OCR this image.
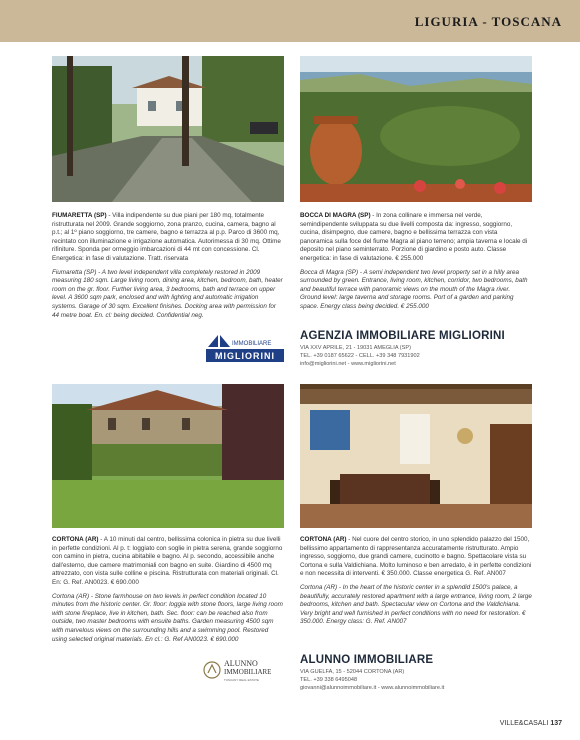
LIGURIA - TOSCANA
FIUMARETTA (SP) - Villa indipendente su due piani per 180 mq, totalmente ristrutturata nel 2009. Grande soggiorno, zona pranzo, cucina, camera, bagno al p.t.; al 1º piano soggiorno, tre camere, bagno e terrazza al p.p. Parco di 3600 mq, recintato con illuminazione e irrigazione automatica. Autorimessa di 30 mq. Ottime rifiniture. Sponda per ormeggio imbarcazioni di 44 mt con concessione. Cl. Energetica: in fase di valutazione. Tratt. riservata
Fiumaretta (SP) - A two level independent villa completely restored in 2009 measuring 180 sqm. Large living room, dining area, kitchen, bedroom, bath, heater room on the gr. floor. Further living area, 3 bedrooms, bath and terrace on upper level. A 3600 sqm park, enclosed and with lighting and automatic irrigation systems. Garage of 30 sqm. Excellent finishes. Docking area with permission for 44 metre boat. En. cl: being decided. Confidential neg.
BOCCA DI MAGRA (SP) - In zona collinare e immersa nel verde, semindipendente sviluppata su due livelli composta da: ingresso, soggiorno, cucina, disimpegno, due camere, bagno e bellissima terrazza con vista panoramica sulla foce del fiume Magra al piano terreno; ampia taverna e locale di deposito nel piano seminterrato. Porzione di giardino e posto auto. Classe energetica: in fase di valutazione. € 255.000
Bocca di Magra (SP) - A semi independent two level property set in a hilly area surrounded by green. Entrance, living room, kitchen, corridor, two bedrooms, bath and beautiful terrace with panoramic views on the mouth of the Magra river. Ground level: large taverna and storage rooms. Port of a garden and parking space. Energy class being decided. € 255.000
IMMOBILIARE
MIGLIORINI
AGENZIA IMMOBILIARE MIGLIORINI
VIA XXV APRILE, 21 - 19031 AMEGLIA (SP)
TEL. +39 0187 65622 - CELL. +39 348 7931902
info@migliorini.net - www.migliorini.net
CORTONA (AR) - A 10 minuti dal centro, bellissima colonica in pietra su due livelli in perfette condizioni. Al p. t: loggiato con soglie in pietra serena, grande soggiorno con camino in pietra, cucina abitabile e bagno. Al p. secondo, accessibile anche dall'esterno, due camere matrimoniali con bagno en suite. Giardino di 4500 mq attrezzato, con vista sulle colline e piscina. Ristrutturata con materiali originali. Cl. En: G. Ref. AN0023. € 690.000
Cortona (AR) - Stone farmhouse on two levels in perfect condition located 10 minutes from the historic center. Gr. floor: loggia with stone floors, large living room with stone fireplace, live in kitchen, bath. Sec. floor: can be reached also from outside, two master bedrooms with ensuite baths. Garden measuring 4500 sqm with marvelous views on the surrounding hills and a swimming pool. Restored using selected original materials. En cl.: G. Ref AN0023. € 690.000
CORTONA (AR) - Nel cuore del centro storico, in uno splendido palazzo del 1500, bellissimo appartamento di rappresentanza accuratamente ristrutturato. Ampio ingresso, soggiorno, due grandi camere, cucinotto e bagno. Spettacolare vista su Cortona e sulla Valdichiana. Molto luminoso e ben arredato, è in perfette condizioni e non necessita di interventi. € 350.000. Classe energetica G. Ref. AN007
Cortona (AR) - In the heart of the historic center in a splendid 1500's palace, a beautifully, accurately restored apartment with a large entrance, living room, 2 large bedrooms, kitchen and bath. Spectacular view on Cortona and the Valdichiana. Very bright and well furnished in perfect conditions with no need for restoration. € 350.000. Energy class: G. Ref. AN007
ALUNNO
IMMOBILIARE
TUSCANY REAL ESTATE
ALUNNO IMMOBILIARE
VIA GUELFA, 15 - 52044 CORTONA (AR)
TEL. +39 338 6495048
giovanni@alunnoimmobiliare.it - www.alunnoimmobiliare.it
VILLE&CASALI 137
